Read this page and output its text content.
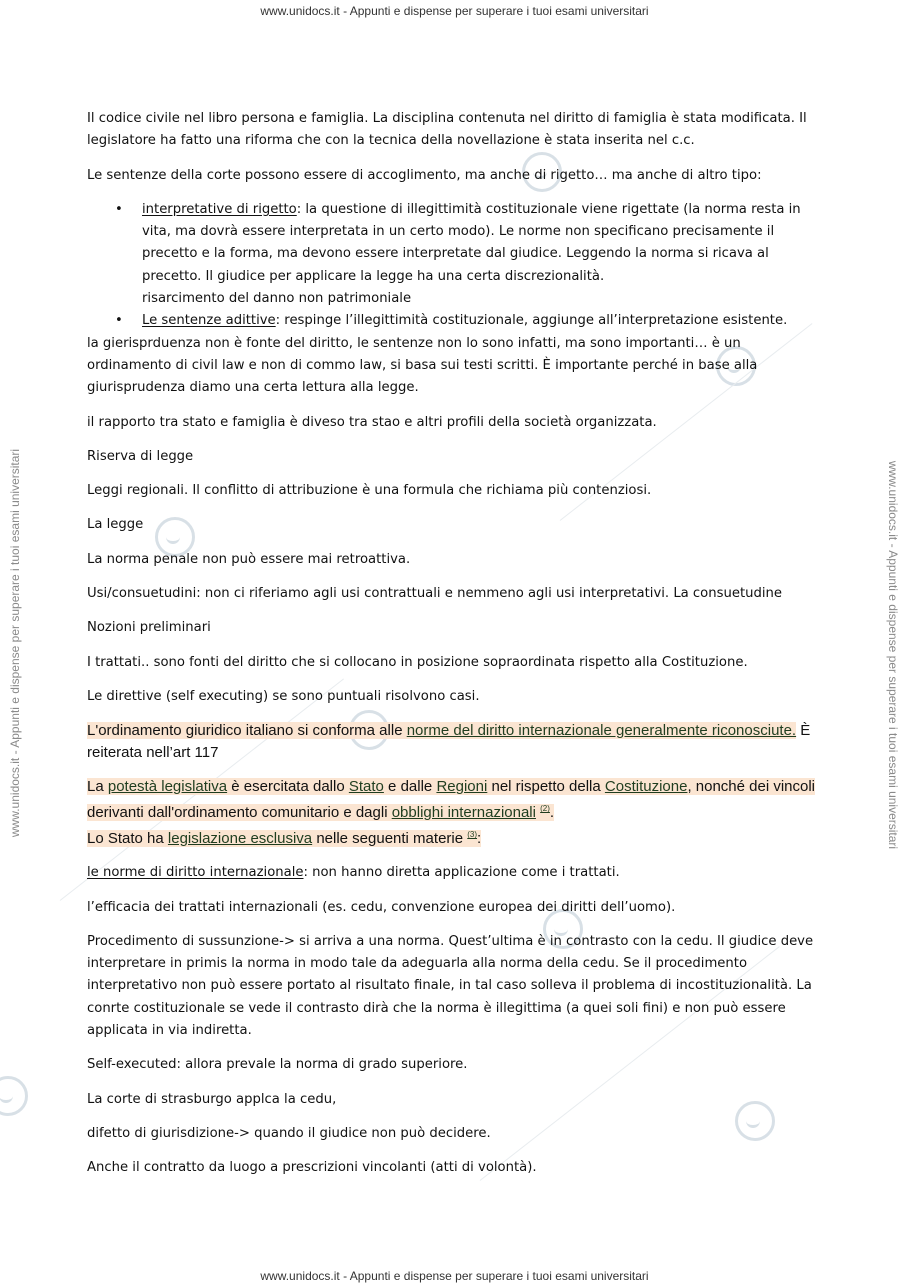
www.unidocs.it - Appunti e dispense per superare i tuoi esami universitari
www.unidocs.it - Appunti e dispense per superare i tuoi esami universitari	www.unidocs.it - Appunti e dispense per superare i tuoi esami universitari

Il codice civile nel libro persona e famiglia. La disciplina contenuta nel diritto di famiglia è stata modificata. Il legislatore ha fatto una riforma che con la tecnica della novellazione è stata inserita nel c.c.

Le sentenze della corte possono essere di accoglimento, ma anche di rigetto… ma anche di altro tipo:

• interpretative di rigetto: la questione di illegittimità costituzionale viene rigettate (la norma resta in vita, ma dovrà essere interpretata in un certo modo). Le norme non specificano precisamente il precetto e la forma, ma devono essere interpretate dal giudice. Leggendo la norma si ricava al precetto. Il giudice per applicare la legge ha una certa discrezionalità.
risarcimento del danno non patrimoniale
• Le sentenze adittive: respinge l’illegittimità costituzionale, aggiunge all’interpretazione esistente.

la gierisprduenza non è fonte del diritto, le sentenze non lo sono infatti, ma sono importanti… è un ordinamento di civil law e non di commo law, si basa sui testi scritti. È importante perché in base alla giurisprudenza diamo una certa lettura alla legge.

il rapporto tra stato e famiglia è diveso tra stao e altri profili della società organizzata.

Riserva di legge

Leggi regionali. Il conflitto di attribuzione è una formula che richiama più contenziosi.

La legge

La norma penale non può essere mai retroattiva.

Usi/consuetudini: non ci riferiamo agli usi contrattuali e nemmeno agli usi interpretativi. La consuetudine

Nozioni preliminari

I trattati.. sono fonti del diritto che si collocano in posizione sopraordinata rispetto alla Costituzione.

Le direttive (self executing) se sono puntuali risolvono casi.

L'ordinamento giuridico italiano si conforma alle norme del diritto internazionale generalmente riconosciute. È reiterata nell’art 117

La potestà legislativa è esercitata dallo Stato e dalle Regioni nel rispetto della Costituzione, nonché dei vincoli derivanti dall'ordinamento comunitario e dagli obblighi internazionali $^{(2)}$.
Lo Stato ha legislazione esclusiva nelle seguenti materie $^{(3)}$:

le norme di diritto internazionale: non hanno diretta applicazione come i trattati.

l’efficacia dei trattati internazionali (es. cedu, convenzione europea dei diritti dell’uomo).

Procedimento di sussunzione-> si arriva a una norma. Quest’ultima è in contrasto con la cedu. Il giudice deve interpretare in primis la norma in modo tale da adeguarla alla norma della cedu. Se il procedimento interpretativo non può essere portato al risultato finale, in tal caso solleva il problema di incostituzionalità. La conrte costituzionale se vede il contrasto dirà che la norma è illegittima (a quei soli fini) e non può essere applicata in via indiretta.

Self-executed: allora prevale la norma di grado superiore.

La corte di strasburgo applca la cedu,

difetto di giurisdizione-> quando il giudice non può decidere.

Anche il contratto da luogo a prescrizioni vincolanti (atti di volontà).

www.unidocs.it - Appunti e dispense per superare i tuoi esami universitari
